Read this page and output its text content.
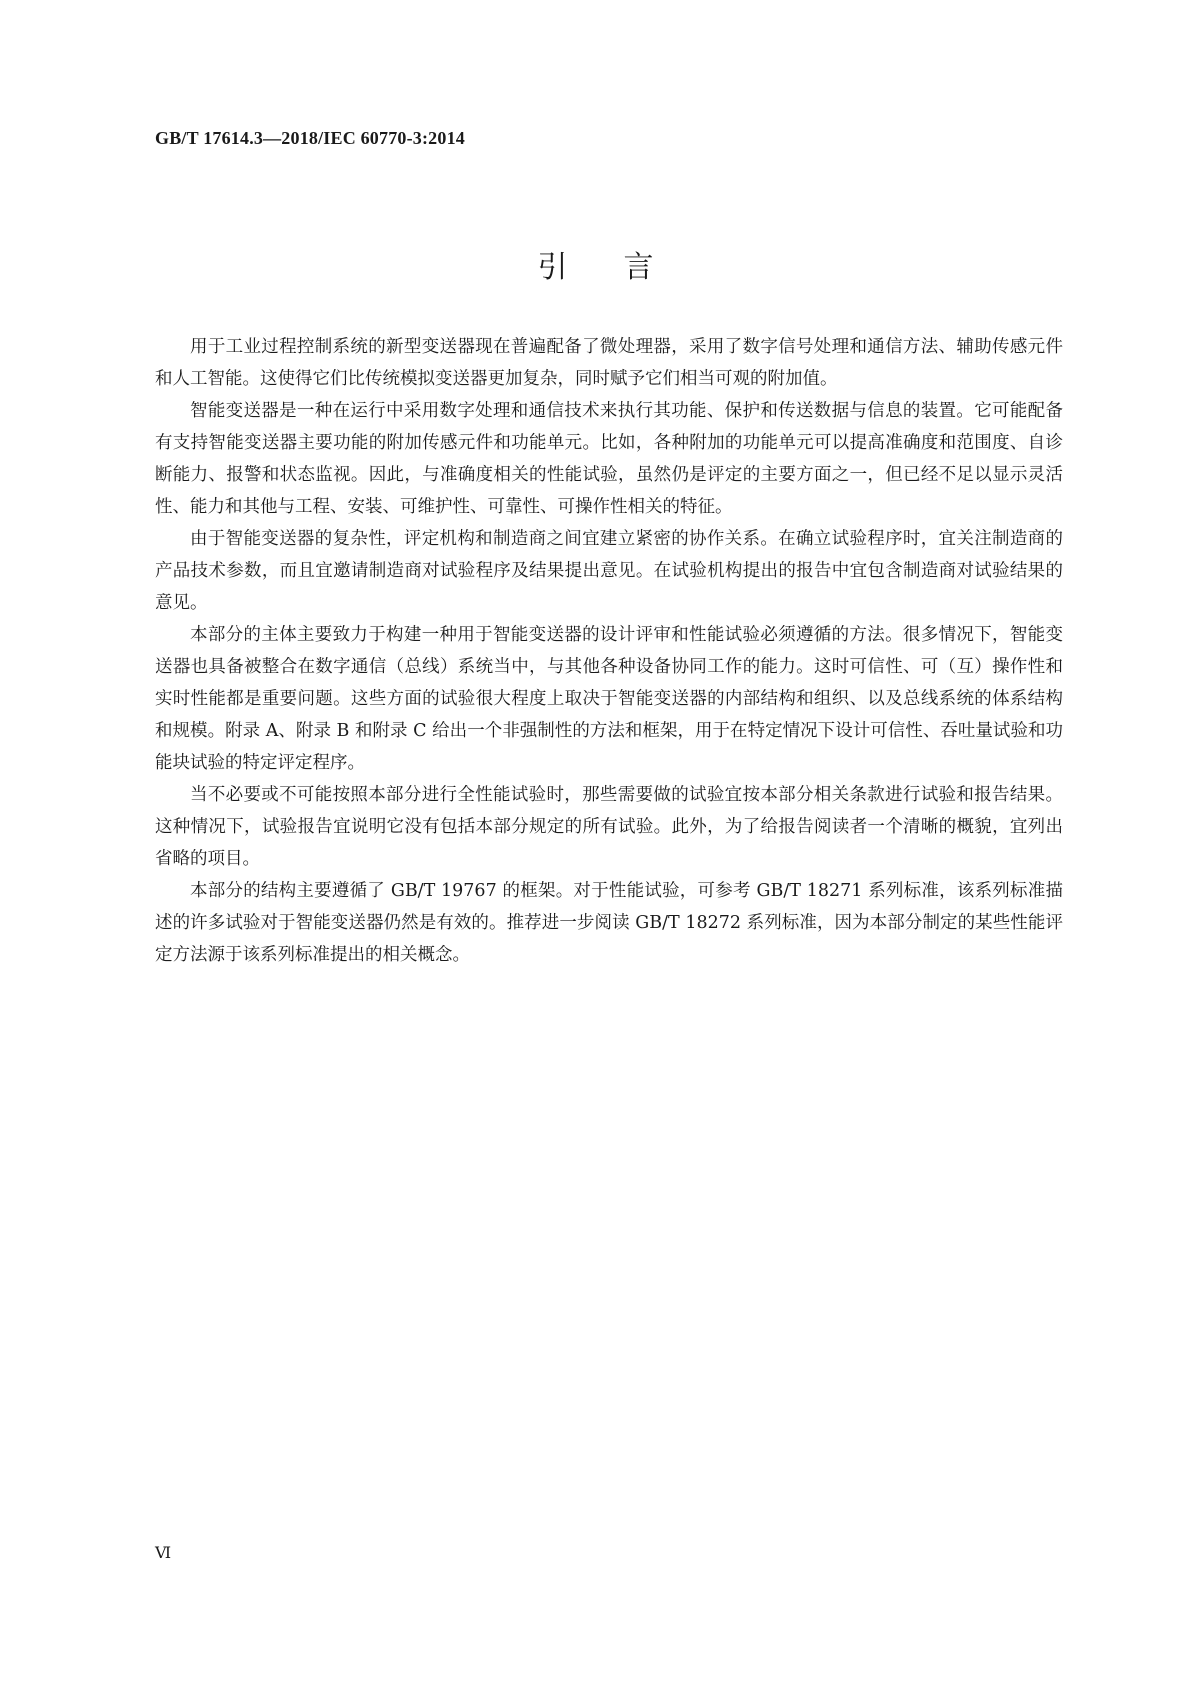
GB/T 17614.3—2018/IEC 60770-3:2014
引言

用于工业过程控制系统的新型变送器现在普遍配备了微处理器，采用了数字信号处理和通信方法、辅助传感元件和人工智能。这使得它们比传统模拟变送器更加复杂，同时赋予它们相当可观的附加值。

智能变送器是一种在运行中采用数字处理和通信技术来执行其功能、保护和传送数据与信息的装置。它可能配备有支持智能变送器主要功能的附加传感元件和功能单元。比如，各种附加的功能单元可以提高准确度和范围度、自诊断能力、报警和状态监视。因此，与准确度相关的性能试验，虽然仍是评定的主要方面之一，但已经不足以显示灵活性、能力和其他与工程、安装、可维护性、可靠性、可操作性相关的特征。

由于智能变送器的复杂性，评定机构和制造商之间宜建立紧密的协作关系。在确立试验程序时，宜关注制造商的产品技术参数，而且宜邀请制造商对试验程序及结果提出意见。在试验机构提出的报告中宜包含制造商对试验结果的意见。

本部分的主体主要致力于构建一种用于智能变送器的设计评审和性能试验必须遵循的方法。很多情况下，智能变送器也具备被整合在数字通信（总线）系统当中，与其他各种设备协同工作的能力。这时可信性、可（互）操作性和实时性能都是重要问题。这些方面的试验很大程度上取决于智能变送器的内部结构和组织、以及总线系统的体系结构和规模。附录 A、附录 B 和附录 C 给出一个非强制性的方法和框架，用于在特定情况下设计可信性、吞吐量试验和功能块试验的特定评定程序。

当不必要或不可能按照本部分进行全性能试验时，那些需要做的试验宜按本部分相关条款进行试验和报告结果。这种情况下，试验报告宜说明它没有包括本部分规定的所有试验。此外，为了给报告阅读者一个清晰的概貌，宜列出省略的项目。

本部分的结构主要遵循了 GB/T 19767 的框架。对于性能试验，可参考 GB/T 18271 系列标准，该系列标准描述的许多试验对于智能变送器仍然是有效的。推荐进一步阅读 GB/T 18272 系列标准，因为本部分制定的某些性能评定方法源于该系列标准提出的相关概念。

Ⅵ
